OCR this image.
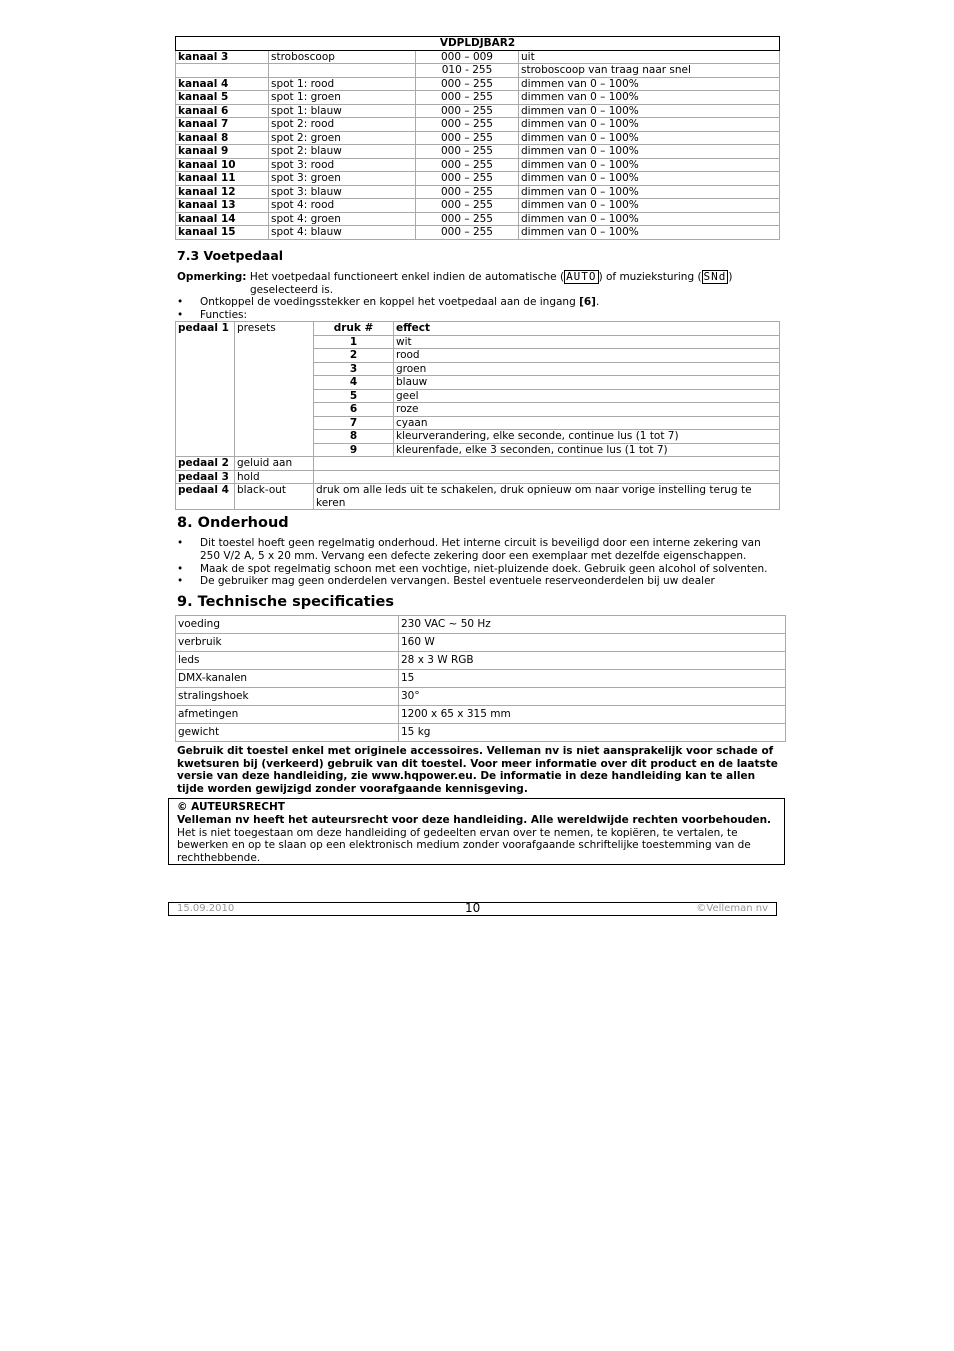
VDPLDJBAR2			
kanaal 3	stroboscoop	000 – 009	uit
		010 - 255	stroboscoop van traag naar snel
kanaal 4	spot 1: rood	000 – 255	dimmen van 0 – 100%
kanaal 5	spot 1: groen	000 – 255	dimmen van 0 – 100%
kanaal 6	spot 1: blauw	000 – 255	dimmen van 0 – 100%
kanaal 7	spot 2: rood	000 – 255	dimmen van 0 – 100%
kanaal 8	spot 2: groen	000 – 255	dimmen van 0 – 100%
kanaal 9	spot 2: blauw	000 – 255	dimmen van 0 – 100%
kanaal 10	spot 3: rood	000 – 255	dimmen van 0 – 100%
kanaal 11	spot 3: groen	000 – 255	dimmen van 0 – 100%
kanaal 12	spot 3: blauw	000 – 255	dimmen van 0 – 100%
kanaal 13	spot 4: rood	000 – 255	dimmen van 0 – 100%
kanaal 14	spot 4: groen	000 – 255	dimmen van 0 – 100%
kanaal 15	spot 4: blauw	000 – 255	dimmen van 0 – 100%
7.3 Voetpedaal
Opmerking: Het voetpedaal functioneert enkel indien de automatische ( AUTO ) of muzieksturing ( SNd )
geselecteerd is.
• Ontkoppel de voedingsstekker en koppel het voetpedaal aan de ingang [6].
• Functies:
pedaal 1	presets	druk #	effect
		1	wit
		2	rood
		3	groen
		4	blauw
		5	geel
		6	roze
		7	cyaan
		8	kleurverandering, elke seconde, continue lus (1 tot 7)
		9	kleurenfade, elke 3 seconden, continue lus (1 tot 7)
pedaal 2	geluid aan		
pedaal 3	hold		
pedaal 4	black-out	druk om alle leds uit te schakelen, druk opnieuw om naar vorige instelling terug te keren	
8. Onderhoud
• Dit toestel hoeft geen regelmatig onderhoud. Het interne circuit is beveiligd door een interne zekering van
250 V/2 A, 5 x 20 mm. Vervang een defecte zekering door een exemplaar met dezelfde eigenschappen.
• Maak de spot regelmatig schoon met een vochtige, niet-pluizende doek. Gebruik geen alcohol of solventen.
• De gebruiker mag geen onderdelen vervangen. Bestel eventuele reserveonderdelen bij uw dealer
9. Technische specificaties
voeding	230 VAC ~ 50 Hz
verbruik	160 W
leds	28 x 3 W RGB
DMX-kanalen	15
stralingshoek	30°
afmetingen	1200 x 65 x 315 mm
gewicht	15 kg
Gebruik dit toestel enkel met originele accessoires. Velleman nv is niet aansprakelijk voor schade of
kwetsuren bij (verkeerd) gebruik van dit toestel. Voor meer informatie over dit product en de laatste
versie van deze handleiding, zie www.hqpower.eu. De informatie in deze handleiding kan te allen
tijde worden gewijzigd zonder voorafgaande kennisgeving.
© AUTEURSRECHT
Velleman nv heeft het auteursrecht voor deze handleiding. Alle wereldwijde rechten voorbehouden.
Het is niet toegestaan om deze handleiding of gedeelten ervan over te nemen, te kopiëren, te vertalen, te
bewerken en op te slaan op een elektronisch medium zonder voorafgaande schriftelijke toestemming van de
rechthebbende.
15.09.2010	10	©Velleman nv
